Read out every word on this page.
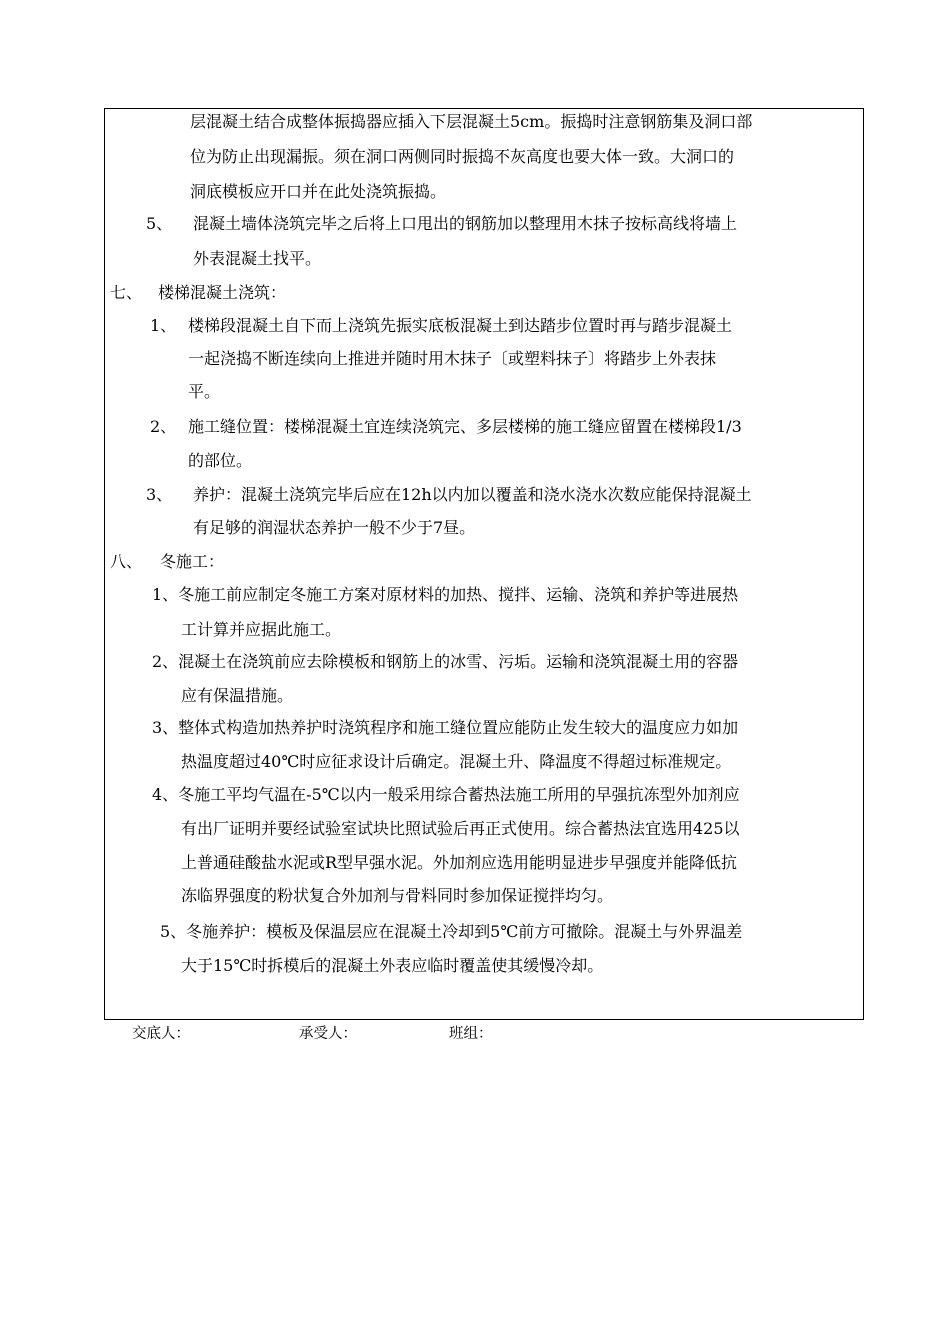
层混凝土结合成整体振捣器应插入下层混凝土5cm。振捣时注意钢筋集及洞口部
位为防止出现漏振。须在洞口两侧同时振捣不灰高度也要大体一致。大洞口的
洞底模板应开口并在此处浇筑振捣。
5、 混凝土墙体浇筑完毕之后将上口甩出的钢筋加以整理用木抹子按标高线将墙上
外表混凝土找平。
七、 楼梯混凝土浇筑：
1、 楼梯段混凝土自下而上浇筑先振实底板混凝土到达踏步位置时再与踏步混凝土
一起浇捣不断连续向上推进并随时用木抹子〔或塑料抹子〕将踏步上外表抹
平。
2、 施工缝位置：楼梯混凝土宜连续浇筑完、多层楼梯的施工缝应留置在楼梯段1/3
的部位。
3、 养护：混凝土浇筑完毕后应在12h以内加以覆盖和浇水浇水次数应能保持混凝土
有足够的润湿状态养护一般不少于7昼。
八、 冬施工：
1、冬施工前应制定冬施工方案对原材料的加热、搅拌、运输、浇筑和养护等进展热
工计算并应据此施工。
2、混凝土在浇筑前应去除模板和钢筋上的冰雪、污垢。运输和浇筑混凝土用的容器
应有保温措施。
3、整体式构造加热养护时浇筑程序和施工缝位置应能防止发生较大的温度应力如加
热温度超过40℃时应征求设计后确定。混凝土升、降温度不得超过标准规定。
4、冬施工平均气温在-5℃以内一般采用综合蓄热法施工所用的早强抗冻型外加剂应
有出厂证明并要经试验室试块比照试验后再正式使用。综合蓄热法宜选用425以
上普通硅酸盐水泥或R型早强水泥。外加剂应选用能明显进步早强度并能降低抗
冻临界强度的粉状复合外加剂与骨料同时参加保证搅拌均匀。
5、冬施养护：模板及保温层应在混凝土冷却到5℃前方可撤除。混凝土与外界温差
大于15℃时拆模后的混凝土外表应临时覆盖使其缓慢冷却。
交底人：	承受人：	班组：
